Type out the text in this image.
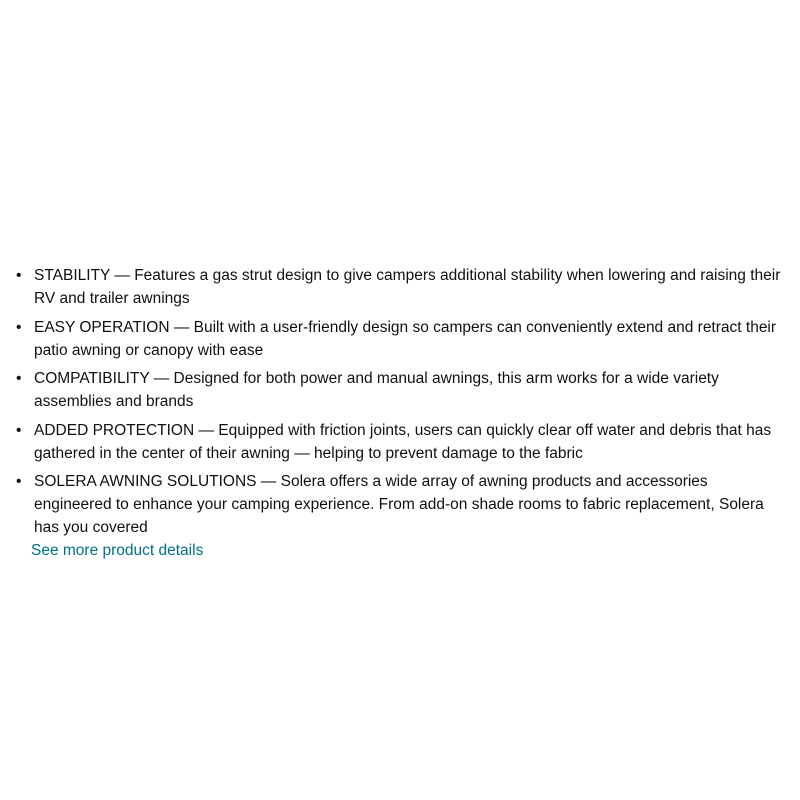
• STABILITY — Features a gas strut design to give campers additional stability when lowering and raising their RV and trailer awnings
• EASY OPERATION — Built with a user-friendly design so campers can conveniently extend and retract their patio awning or canopy with ease
• COMPATIBILITY — Designed for both power and manual awnings, this arm works for a wide variety assemblies and brands
• ADDED PROTECTION — Equipped with friction joints, users can quickly clear off water and debris that has gathered in the center of their awning — helping to prevent damage to the fabric
• SOLERA AWNING SOLUTIONS — Solera offers a wide array of awning products and accessories engineered to enhance your camping experience. From add-on shade rooms to fabric replacement, Solera has you covered
See more product details
